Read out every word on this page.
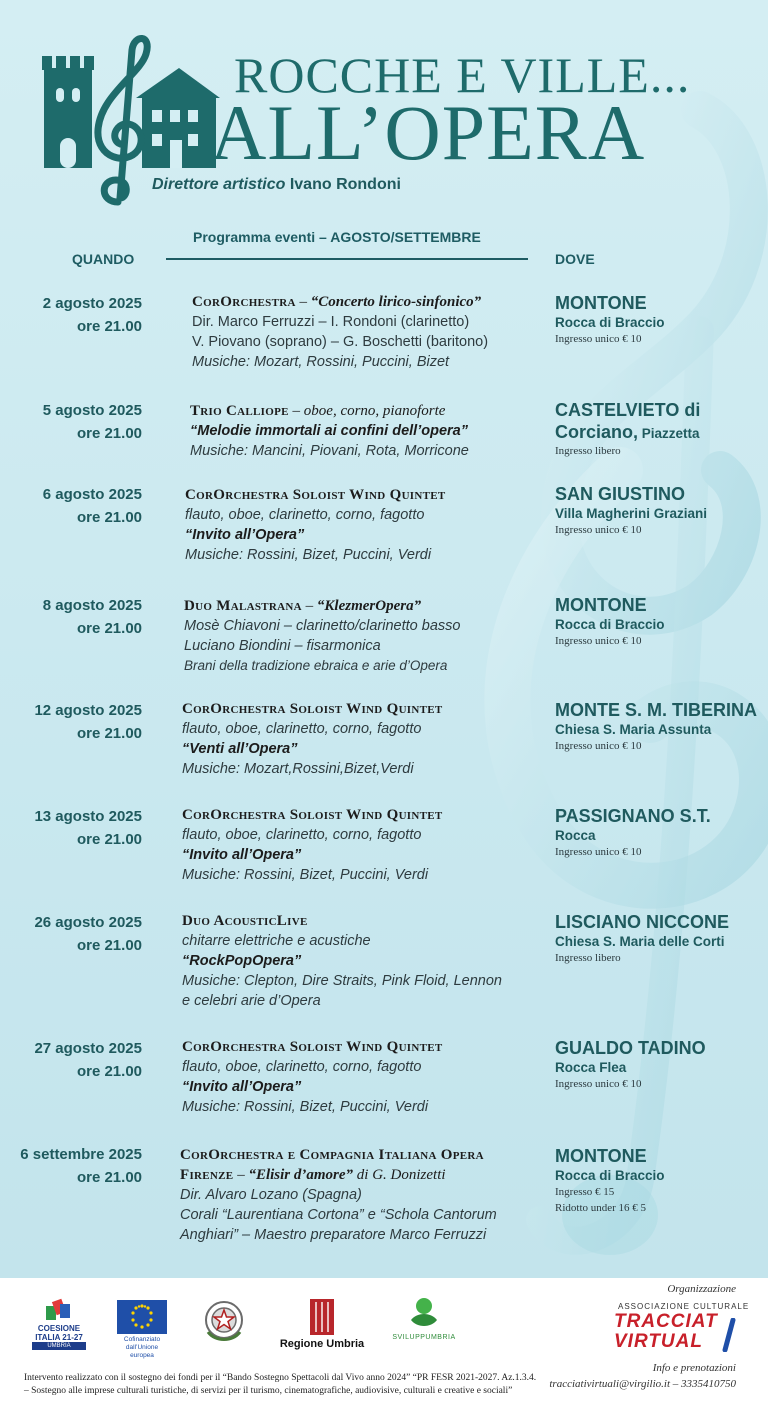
ROCCHE E VILLE...
ALL’OPERA
Direttore artistico Ivano Rondoni
Programma eventi – AGOSTO/SETTEMBRE
QUANDO	DOVE
2 agosto 2025
ore 21.00
CorOrchestra – “Concerto lirico-sinfonico”
Dir. Marco Ferruzzi – I. Rondoni (clarinetto)
V. Piovano (soprano) – G. Boschetti (baritono)
Musiche: Mozart, Rossini, Puccini, Bizet
MONTONE
Rocca di Braccio
Ingresso unico € 10
5 agosto 2025
ore 21.00
Trio Calliope – oboe, corno, pianoforte
“Melodie immortali ai confini dell’opera”
Musiche: Mancini, Piovani, Rota, Morricone
CASTELVIETO di
Corciano, Piazzetta
Ingresso libero
6 agosto 2025
ore 21.00
CorOrchestra Soloist Wind Quintet
flauto, oboe, clarinetto, corno, fagotto
“Invito all’Opera”
Musiche: Rossini, Bizet, Puccini, Verdi
SAN GIUSTINO
Villa Magherini Graziani
Ingresso unico € 10
8 agosto 2025
ore 21.00
Duo Malastrana – “KlezmerOpera”
Mosè Chiavoni – clarinetto/clarinetto basso
Luciano Biondini – fisarmonica
Brani della tradizione ebraica e arie d’Opera
MONTONE
Rocca di Braccio
Ingresso unico € 10
12 agosto 2025
ore 21.00
CorOrchestra Soloist Wind Quintet
flauto, oboe, clarinetto, corno, fagotto
“Venti all’Opera”
Musiche: Mozart,Rossini,Bizet,Verdi
MONTE S. M. TIBERINA
Chiesa S. Maria Assunta
Ingresso unico € 10
13 agosto 2025
ore 21.00
CorOrchestra Soloist Wind Quintet
flauto, oboe, clarinetto, corno, fagotto
“Invito all’Opera”
Musiche: Rossini, Bizet, Puccini, Verdi
PASSIGNANO S.T.
Rocca
Ingresso unico € 10
26 agosto 2025
ore 21.00
Duo AcousticLive
chitarre elettriche e acustiche
“RockPopOpera”
Musiche: Clepton, Dire Straits, Pink Floid, Lennon
e celebri arie d’Opera
LISCIANO NICCONE
Chiesa S. Maria delle Corti
Ingresso libero
27 agosto 2025
ore 21.00
CorOrchestra Soloist Wind Quintet
flauto, oboe, clarinetto, corno, fagotto
“Invito all’Opera”
Musiche: Rossini, Bizet, Puccini, Verdi
GUALDO TADINO
Rocca Flea
Ingresso unico € 10
6 settembre 2025
ore 21.00
CorOrchestra e Compagnia Italiana Opera
Firenze – “Elisir d’amore” di G. Donizetti
Dir. Alvaro Lozano (Spagna)
Corali “Laurentiana Cortona” e “Schola Cantorum
Anghiari” – Maestro preparatore Marco Ferruzzi
MONTONE
Rocca di Braccio
Ingresso € 15
Ridotto under 16 € 5
COESIONE
ITALIA 21-27
UMBRIA
Cofinanziato dall’Unione europea
Regione Umbria
SVILUPPUMBRIA
Organizzazione
ASSOCIAZIONE CULTURALE
TRACCIAT
VIRTUAL
Info e prenotazioni
tracciativirtuali@virgilio.it – 3335410750
Intervento realizzato con il sostegno dei fondi per il “Bando Sostegno Spettacoli dal Vivo anno 2024” “PR FESR 2021-2027. Az.1.3.4.
– Sostegno alle imprese culturali turistiche, di servizi per il turismo, cinematografiche, audiovisive, culturali e creative e sociali”
